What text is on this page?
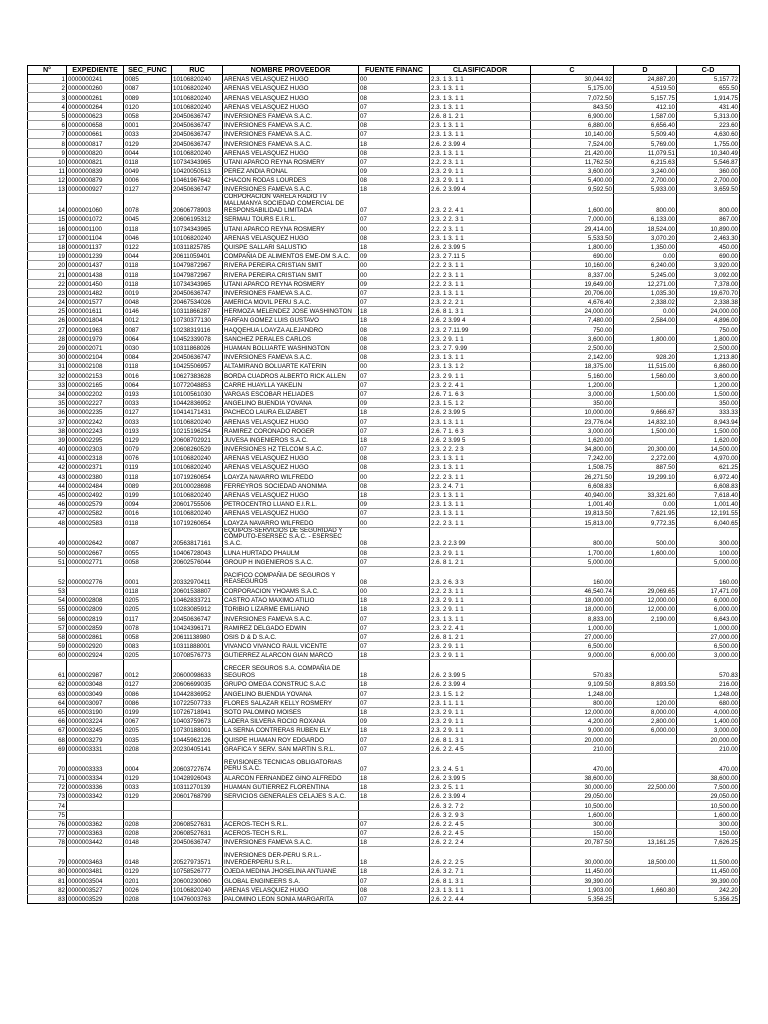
N°	EXPEDIENTE	SEC_FUNC	RUC	NOMBRE PROVEEDOR	FUENTE FINANC	CLASIFICADOR	C	D	C-D
1	0000000241	0085	10106820240	ARENAS VELASQUEZ HUGO	00	2.3. 1 3. 1 1	30,044.92	24,887.20	5,157.72
2	0000000260	0087	10106820240	ARENAS VELASQUEZ HUGO	08	2.3. 1 3. 1 1	5,175.00	4,519.50	655.50
3	0000000261	0089	10106820240	ARENAS VELASQUEZ HUGO	08	2.3. 1 3. 1 1	7,072.50	5,157.75	1,914.75
4	0000000264	0120	10106820240	ARENAS VELASQUEZ HUGO	07	2.3. 1 3. 1 1	843.50	412.10	431.40
5	0000000623	0058	20450636747	INVERSIONES FAMEVA S.A.C.	07	2.6. 8 1. 2 1	6,900.00	1,587.00	5,313.00
6	0000000658	0001	20450636747	INVERSIONES FAMEVA S.A.C.	08	2.3. 1 3. 1 1	6,880.00	6,656.40	223.60
7	0000000661	0033	20450636747	INVERSIONES FAMEVA S.A.C.	07	2.3. 1 3. 1 1	10,140.00	5,509.40	4,630.60
8	0000000817	0129	20450636747	INVERSIONES FAMEVA S.A.C.	18	2.6. 2 3.99 4	7,524.00	5,769.00	1,755.00
9	0000000820	0044	10106820240	ARENAS VELASQUEZ HUGO	08	2.3. 1 3. 1 1	21,420.00	11,079.51	10,340.49
10	0000000821	0118	10734343965	UTANI APARCO REYNA ROSMERY	07	2.2. 2 3. 1 1	11,762.50	6,215.63	5,546.87
11	0000000839	0049	10420050513	PEREZ ANDIA RONAL	09	2.3. 2 9. 1 1	3,600.00	3,240.00	360.00
12	0000000879	0006	10461967642	CHACON RODAS LOURDES	08	2.3. 2 9. 1 1	5,400.00	2,700.00	2,700.00
13	0000000927	0127	20450636747	INVERSIONES FAMEVA S.A.C.	18	2.6. 2 3.99 4	9,592.50	5,933.00	3,659.50
14	0000001060	0078	20606778903	CORPORACIÓN VARELA RADIO TV MALLMANYA SOCIEDAD COMERCIAL DE RESPONSABILIDAD LIMITADA	07	2.3. 2 2. 4 1	1,600.00	800.00	800.00
15	0000001072	0045	20606195312	SERMAU TOURS E.I.R.L.	07	2.3. 2 2. 3 1	7,000.00	6,133.00	867.00
16	0000001100	0118	10734343965	UTANI APARCO REYNA ROSMERY	00	2.2. 2 3. 1 1	29,414.00	18,524.00	10,890.00
17	0000001104	0046	10106820240	ARENAS VELASQUEZ HUGO	08	2.3. 1 3. 1 1	5,533.50	3,070.20	2,463.30
18	0000001137	0122	10311825785	QUISPE SALLARI SALUSTIO	18	2.6. 2 3.99 5	1,800.00	1,350.00	450.00
19	0000001239	0044	20611059401	COMPAÑIA DE ALIMENTOS EME-DM S.A.C.	09	2.3. 2 7.11 5	690.00	0.00	690.00
20	0000001437	0118	10479872967	RIVERA PEREIRA CRISTIAN SMIT	00	2.2. 2 3. 1 1	10,160.00	6,240.00	3,920.00
21	0000001438	0118	10479872967	RIVERA PEREIRA CRISTIAN SMIT	00	2.2. 2 3. 1 1	8,337.00	5,245.00	3,092.00
22	0000001450	0118	10734343965	UTANI APARCO REYNA ROSMERY	09	2.2. 2 3. 1 1	19,649.00	12,271.00	7,378.00
23	0000001482	0019	20450636747	INVERSIONES FAMEVA S.A.C.	07	2.3. 1 3. 1 1	20,706.00	1,035.30	19,670.70
24	0000001577	0048	20467534026	AMERICA MOVIL PERU S.A.C.	07	2.3. 2 2. 2 1	4,676.40	2,338.02	2,338.38
25	0000001611	0146	10311866287	HERMOZA MELENDEZ JOSE WASHINGTON	18	2.6. 8 1. 3 1	24,000.00	0.00	24,000.00
26	0000001804	0012	10730377130	FARFAN GOMEZ LUIS GUSTAVO	18	2.6. 2 3.99 4	7,480.00	2,584.00	4,896.00
27	0000001963	0087	10238319116	HAQQEHUA LOAYZA ALEJANDRO	08	2.3. 2 7.11.99	750.00		750.00
28	0000001979	0064	10452339078	SANCHEZ PERALES CARLOS	08	2.3. 2 9. 1 1	3,600.00	1,800.00	1,800.00
29	0000002071	0030	10311868026	HUAMAN BOLUARTE WASHINGTON	08	2.3. 2 7. 9.99	2,500.00		2,500.00
30	0000002104	0084	20450636747	INVERSIONES FAMEVA S.A.C.	08	2.3. 1 3. 1 1	2,142.00	928.20	1,213.80
31	0000002108	0118	10425506957	ALTAMIRANO BOLUARTE KATERIN	00	2.3. 1 3. 1 2	18,375.00	11,515.00	6,860.00
32	0000002153	0016	10627383628	BORDA CUADROS ALBERTO RICK ALLEN	07	2.3. 2 9. 1 1	5,160.00	1,560.00	3,600.00
33	0000002165	0064	10772048853	CARRE HUAYLLA YAKELIN	07	2.3. 2 2. 4 1	1,200.00		1,200.00
34	0000002202	0193	10100561030	VARGAS ESCOBAR HELIADES	07	2.6. 7 1. 6 3	3,000.00	1,500.00	1,500.00
35	0000002227	0033	10442836952	ANGELINO BUENDIA YOVANA	09	2.3. 1 5. 1 2	350.00		350.00
36	0000002235	0127	10414171431	PACHECO LAURA ELIZABET	18	2.6. 2 3.99 5	10,000.00	9,666.67	333.33
37	0000002242	0033	10106820240	ARENAS VELASQUEZ HUGO	07	2.3. 1 3. 1 1	23,776.04	14,832.10	8,943.94
38	0000002243	0193	10215196254	RAMIREZ CORONADO ROGER	07	2.6. 7 1. 6 3	3,000.00	1,500.00	1,500.00
39	0000002295	0129	20608702921	JUVESA INGENIEROS S.A.C.	18	2.6. 2 3.99 5	1,620.00		1,620.00
40	0000002303	0079	20608260529	INVERSIONES HZ TELCOM S.A.C.	07	2.3. 2 2. 2 3	34,800.00	20,300.00	14,500.00
41	0000002318	0076	10106820240	ARENAS VELASQUEZ HUGO	08	2.3. 1 3. 1 1	7,242.00	2,272.00	4,970.00
42	0000002371	0119	10106820240	ARENAS VELASQUEZ HUGO	08	2.3. 1 3. 1 1	1,508.75	887.50	621.25
43	0000002380	0118	10719260654	LOAYZA NAVARRO WILFREDO	00	2.2. 2 3. 1 1	26,271.50	19,299.10	6,972.40
44	0000002484	0089	20100028698	FERREYROS SOCIEDAD ANONIMA	08	2.3. 2 4. 7 1	6,608.83		6,608.83
45	0000002492	0199	10106820240	ARENAS VELASQUEZ HUGO	18	2.3. 1 3. 1 1	40,940.00	33,321.60	7,618.40
46	0000002579	0094	20601755506	PETROCENTRO LUANO E.I.R.L.	09	2.3. 1 3. 1 1	1,001.40	0.00	1,001.40
47	0000002582	0016	10106820240	ARENAS VELASQUEZ HUGO	07	2.3. 1 3. 1 1	19,813.50	7,621.95	12,191.55
48	0000002583	0118	10719260654	LOAYZA NAVARRO WILFREDO	00	2.2. 2 3. 1 1	15,813.00	9,772.35	6,040.65
49	0000002642	0087	20563817161	EQUIPOS-SERVICIOS DE SEGURIDAD Y COMPUTO-ESERSEC S.A.C. - ESERSEC S.A.C.	08	2.3. 2 2.3 99	800.00	500.00	300.00
50	0000002667	0055	10406728043	LUNA HURTADO PHAULM	08	2.3. 2 9. 1 1	1,700.00	1,600.00	100.00
51	0000002771	0058	20602576044	GROUP H INGENIEROS S.A.C.	07	2.6. 8 1. 2 1	5,000.00		5,000.00
52	0000002776	0001	20332970411	PACIFICO COMPAÑIA DE SEGUROS Y REASEGUROS	08	2.3. 2 6. 3 3	160.00		160.00
53		0118	20601538807	CORPORACION YHOAMS S.A.C.	00	2.2. 2 3. 1 1	46,540.74	29,069.65	17,471.09
54	0000002808	0205	10462833721	CASTRO ATAO MAXIMO ATILIO	18	2.3. 2 9. 1 1	18,000.00	12,000.00	6,000.00
55	0000002809	0205	10283085912	TORIBIO LIZARME EMILIANO	18	2.3. 2 9. 1 1	18,000.00	12,000.00	6,000.00
56	0000002819	0117	20450636747	INVERSIONES FAMEVA S.A.C.	07	2.3. 1 3. 1 1	8,833.00	2,190.00	6,643.00
57	0000002859	0078	10424396171	RAMIREZ DELGADO EDWIN	07	2.3. 2 2. 4 1	1,000.00		1,000.00
58	0000002861	0058	20611138980	OSIS D & D S.A.C.	07	2.6. 8 1. 2 1	27,000.00		27,000.00
59	0000002920	0083	10311888001	VIVANCO VIVANCO RAUL VICENTE	07	2.3. 2 9. 1 1	6,500.00		6,500.00
60	0000002924	0205	10708576773	GUTIERREZ ALARCON GIAN MARCO	18	2.3. 2 9. 1 1	9,000.00	6,000.00	3,000.00
61	0000002987	0012	20600098633	CRECER SEGUROS S.A. COMPAÑIA DE SEGUROS	18	2.6. 2 3.99 5	570.83		570.83
62	0000003048	0127	20606699035	GRUPO OMEGA CONSTRUC S.A.C	18	2.6. 2 3.99 4	9,109.50	8,893.50	216.00
63	0000003049	0086	10442836952	ANGELINO BUENDIA YOVANA	07	2.3. 1 5. 1 2	1,248.00		1,248.00
64	0000003097	0086	10722507733	FLORES SALAZAR KELLY ROSMERY	07	2.3. 1 1. 1 1	800.00	120.00	680.00
65	0000003190	0199	10726718941	SOTO PALOMINO MOISES	18	2.3. 2 9. 1 1	12,000.00	8,000.00	4,000.00
66	0000003224	0067	10403759673	LADERA SILVERA ROCIO ROXANA	09	2.3. 2 9. 1 1	4,200.00	2,800.00	1,400.00
67	0000003245	0205	10730188001	LA SERNA CONTRERAS RUBEN ELY	18	2.3. 2 9. 1 1	9,000.00	6,000.00	3,000.00
68	0000003279	0035	10445962126	QUISPE HUAMAN ROY EDGARDO	07	2.6. 8 1. 3 1	20,000.00		20,000.00
69	0000003331	0208	20230405141	GRAFICA Y SERV. SAN MARTIN S.R.L.	07	2.6. 2 2. 4 5	210.00		210.00
70	0000003333	0004	20603727674	REVISIONES TECNICAS OBLIGATORIAS PERU S.A.C.	07	2.3. 2 4. 5 1	470.00		470.00
71	0000003334	0129	10428926043	ALARCON FERNANDEZ GINO ALFREDO	18	2.6. 2 3.99 5	38,600.00		38,600.00
72	0000003336	0033	10311270139	HUAMAN GUTIERREZ FLORENTINA	18	2.3. 2 5. 1 1	30,000.00	22,500.00	7,500.00
73	0000003342	0129	20601768799	SERVICIOS GENERALES CELAJES S.A.C.	18	2.6. 2 3.99 4	29,050.00		29,050.00
74						2.6. 3 2. 7 2	10,500.00		10,500.00
75						2.6. 3 2. 9 3	1,600.00		1,600.00
76	0000003362	0208	20608527631	ACEROS-TECH S.R.L.	07	2.6. 2 2. 4 5	300.00		300.00
77	0000003363	0208	20608527631	ACEROS-TECH S.R.L.	07	2.6. 2 2. 4 5	150.00		150.00
78	0000003442	0148	20450636747	INVERSIONES FAMEVA S.A.C.	18	2.6. 2 2. 2 4	20,787.50	13,161.25	7,626.25
79	0000003463	0148	20527973571	INVERSIONES DER-PERU S.R.L.- INVERDERPERU S.R.L.	18	2.6. 2 2. 2 5	30,000.00	18,500.00	11,500.00
80	0000003481	0129	10758526777	OJEDA MEDINA JHOSELINA ANTUANE	18	2.6. 3 2. 7 1	11,450.00		11,450.00
81	0000003504	0201	20600230060	GLOBAL ENGINEERS S.A.	07	2.6. 8 1. 3 1	39,390.00		39,390.00
82	0000003527	0026	10106820240	ARENAS VELASQUEZ HUGO	08	2.3. 1 3. 1 1	1,903.00	1,660.80	242.20
83	0000003529	0208	10476003763	PALOMINO LEON SONIA MARGARITA	07	2.6. 2 2. 4 4	5,356.25		5,356.25
